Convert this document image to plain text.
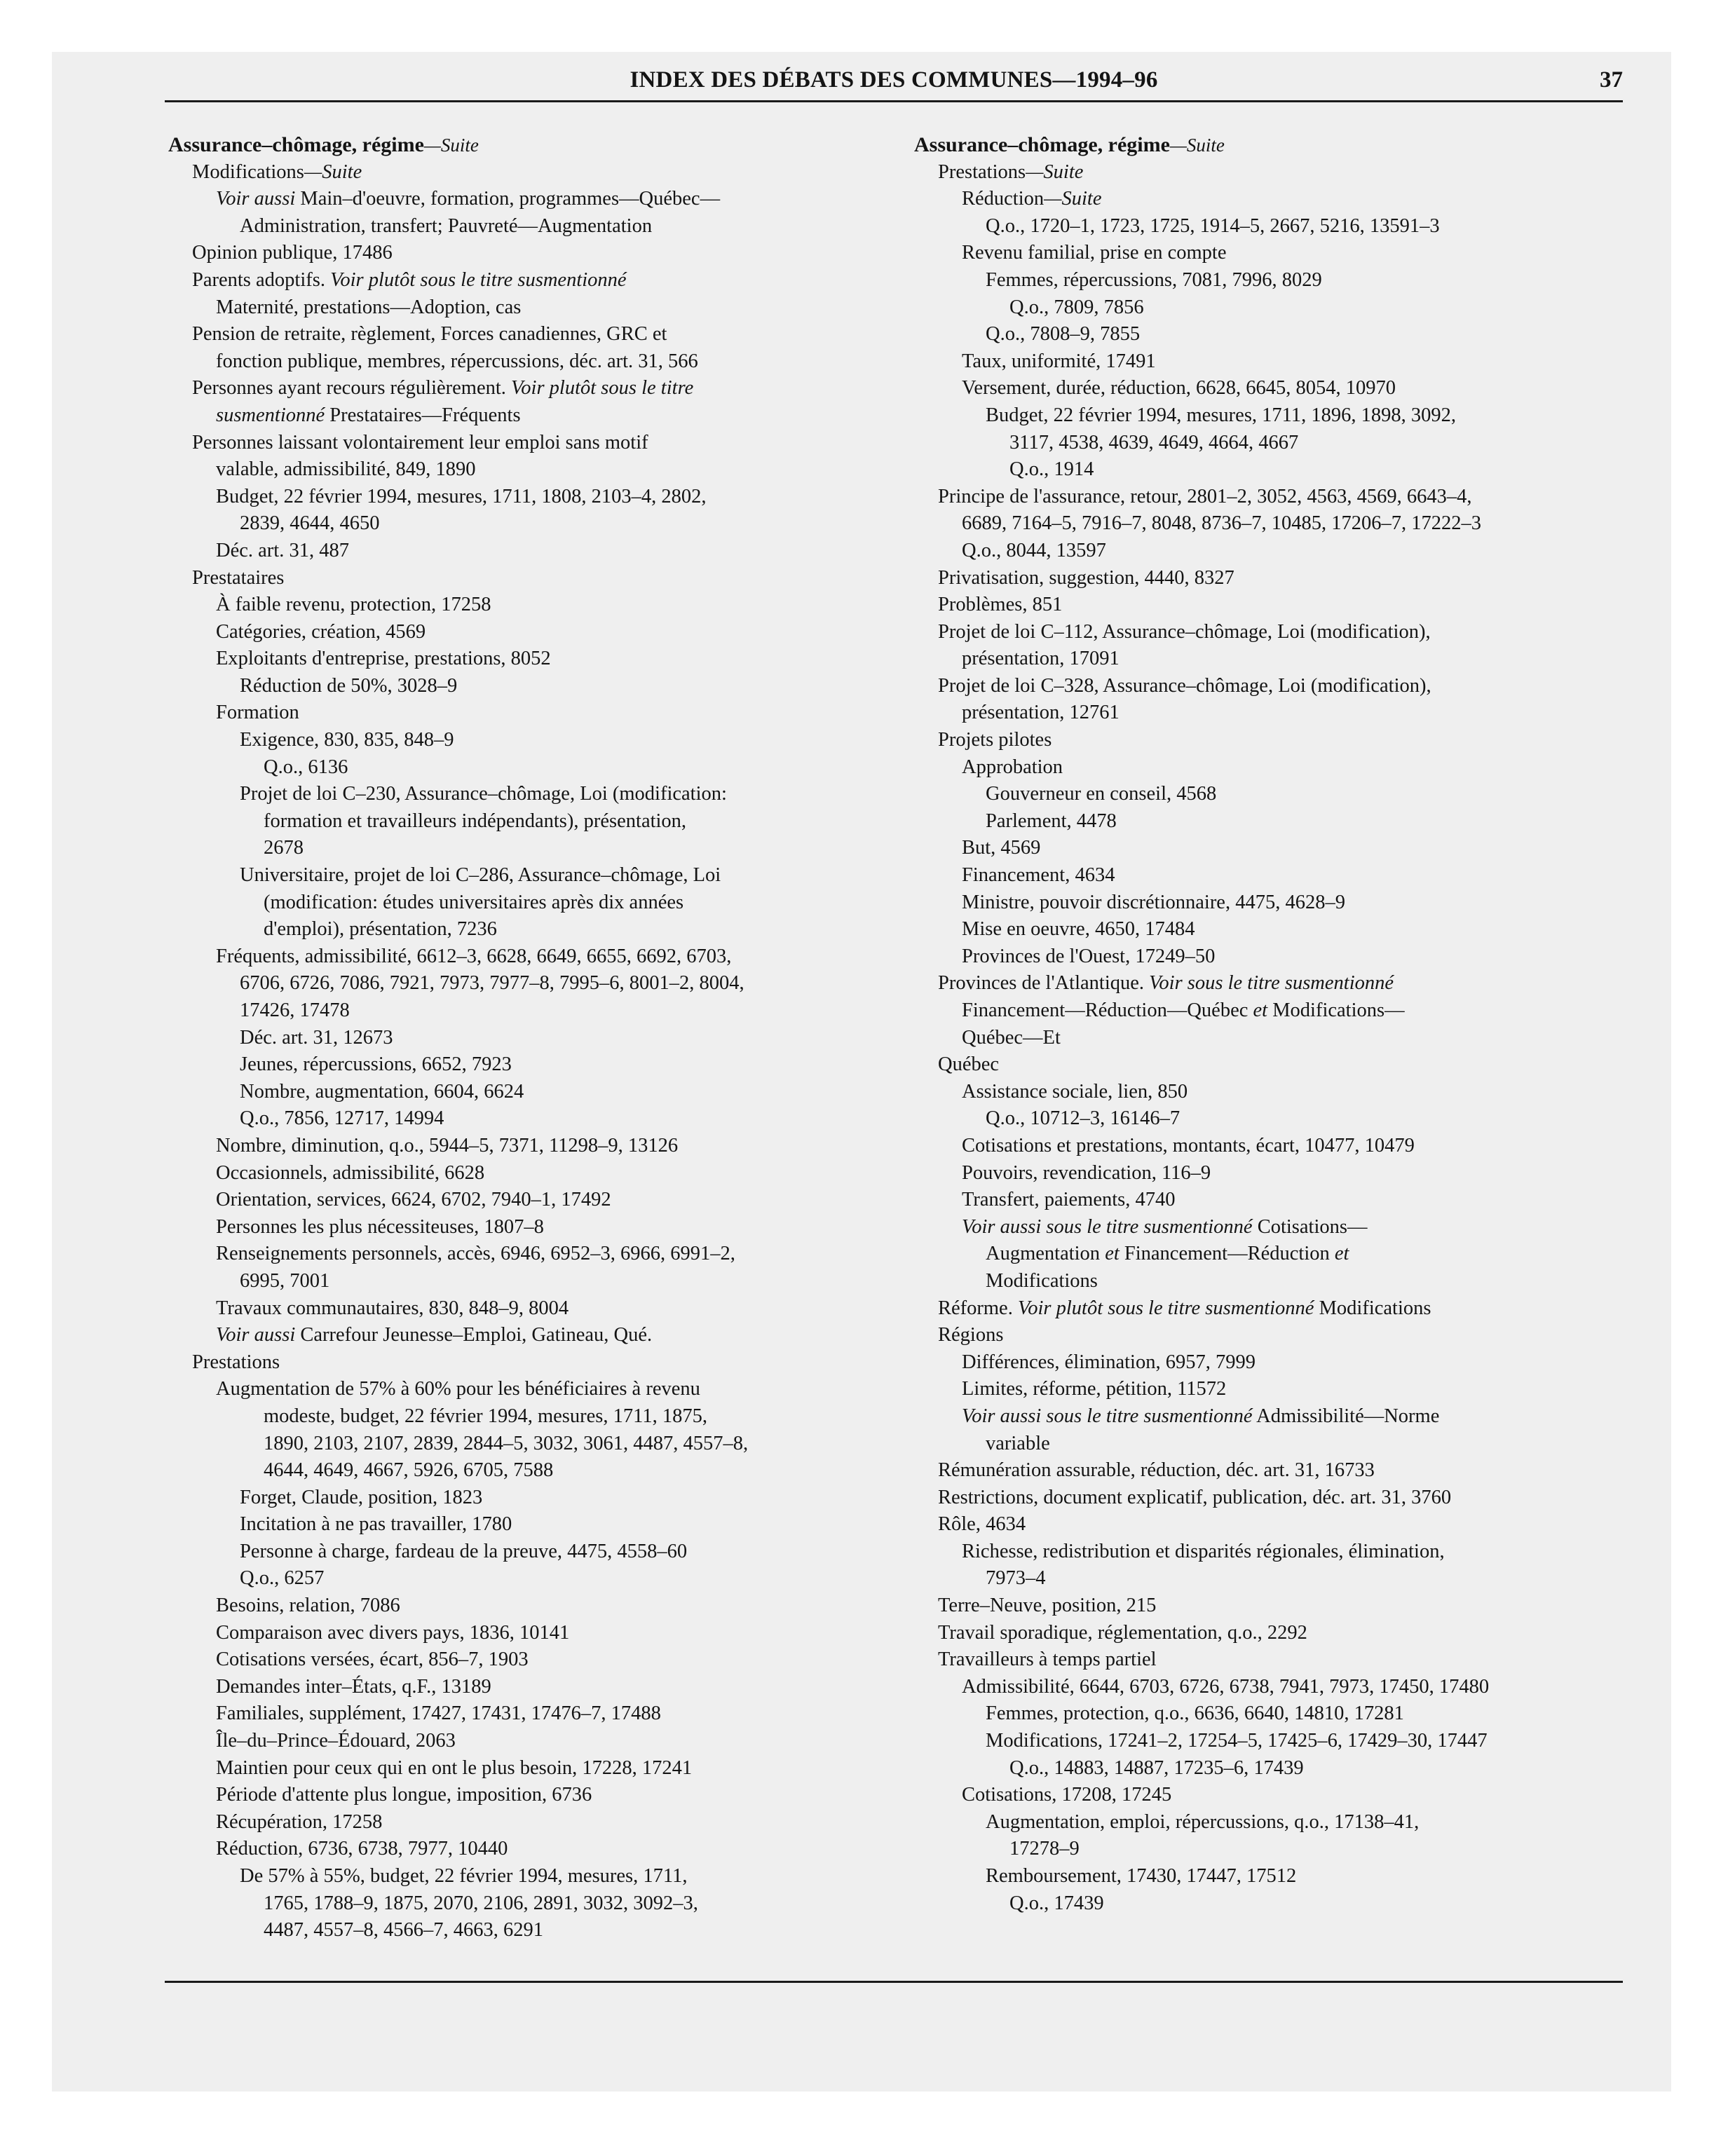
INDEX DES DÉBATS DES COMMUNES—1994–96	37
Assurance–chômage, régime—Suite
Modifications—Suite
Voir aussi Main–d'oeuvre, formation, programmes—Québec—
Administration, transfert; Pauvreté—Augmentation
Opinion publique, 17486
Parents adoptifs. Voir plutôt sous le titre susmentionné
Maternité, prestations—Adoption, cas
Pension de retraite, règlement, Forces canadiennes, GRC et
fonction publique, membres, répercussions, déc. art. 31, 566
Personnes ayant recours régulièrement. Voir plutôt sous le titre
susmentionné Prestataires—Fréquents
Personnes laissant volontairement leur emploi sans motif
valable, admissibilité, 849, 1890
Budget, 22 février 1994, mesures, 1711, 1808, 2103–4, 2802,
2839, 4644, 4650
Déc. art. 31, 487
Prestataires
À faible revenu, protection, 17258
Catégories, création, 4569
Exploitants d'entreprise, prestations, 8052
Réduction de 50%, 3028–9
Formation
Exigence, 830, 835, 848–9
Q.o., 6136
Projet de loi C–230, Assurance–chômage, Loi (modification:
formation et travailleurs indépendants), présentation,
2678
Universitaire, projet de loi C–286, Assurance–chômage, Loi
(modification: études universitaires après dix années
d'emploi), présentation, 7236
Fréquents, admissibilité, 6612–3, 6628, 6649, 6655, 6692, 6703,
6706, 6726, 7086, 7921, 7973, 7977–8, 7995–6, 8001–2, 8004,
17426, 17478
Déc. art. 31, 12673
Jeunes, répercussions, 6652, 7923
Nombre, augmentation, 6604, 6624
Q.o., 7856, 12717, 14994
Nombre, diminution, q.o., 5944–5, 7371, 11298–9, 13126
Occasionnels, admissibilité, 6628
Orientation, services, 6624, 6702, 7940–1, 17492
Personnes les plus nécessiteuses, 1807–8
Renseignements personnels, accès, 6946, 6952–3, 6966, 6991–2,
6995, 7001
Travaux communautaires, 830, 848–9, 8004
Voir aussi Carrefour Jeunesse–Emploi, Gatineau, Qué.
Prestations
Augmentation de 57% à 60% pour les bénéficiaires à revenu
modeste, budget, 22 février 1994, mesures, 1711, 1875,
1890, 2103, 2107, 2839, 2844–5, 3032, 3061, 4487, 4557–8,
4644, 4649, 4667, 5926, 6705, 7588
Forget, Claude, position, 1823
Incitation à ne pas travailler, 1780
Personne à charge, fardeau de la preuve, 4475, 4558–60
Q.o., 6257
Besoins, relation, 7086
Comparaison avec divers pays, 1836, 10141
Cotisations versées, écart, 856–7, 1903
Demandes inter–États, q.F., 13189
Familiales, supplément, 17427, 17431, 17476–7, 17488
Île–du–Prince–Édouard, 2063
Maintien pour ceux qui en ont le plus besoin, 17228, 17241
Période d'attente plus longue, imposition, 6736
Récupération, 17258
Réduction, 6736, 6738, 7977, 10440
De 57% à 55%, budget, 22 février 1994, mesures, 1711,
1765, 1788–9, 1875, 2070, 2106, 2891, 3032, 3092–3,
4487, 4557–8, 4566–7, 4663, 6291
Assurance–chômage, régime—Suite
Prestations—Suite
Réduction—Suite
Q.o., 1720–1, 1723, 1725, 1914–5, 2667, 5216, 13591–3
Revenu familial, prise en compte
Femmes, répercussions, 7081, 7996, 8029
Q.o., 7809, 7856
Q.o., 7808–9, 7855
Taux, uniformité, 17491
Versement, durée, réduction, 6628, 6645, 8054, 10970
Budget, 22 février 1994, mesures, 1711, 1896, 1898, 3092,
3117, 4538, 4639, 4649, 4664, 4667
Q.o., 1914
Principe de l'assurance, retour, 2801–2, 3052, 4563, 4569, 6643–4,
6689, 7164–5, 7916–7, 8048, 8736–7, 10485, 17206–7, 17222–3
Q.o., 8044, 13597
Privatisation, suggestion, 4440, 8327
Problèmes, 851
Projet de loi C–112, Assurance–chômage, Loi (modification),
présentation, 17091
Projet de loi C–328, Assurance–chômage, Loi (modification),
présentation, 12761
Projets pilotes
Approbation
Gouverneur en conseil, 4568
Parlement, 4478
But, 4569
Financement, 4634
Ministre, pouvoir discrétionnaire, 4475, 4628–9
Mise en oeuvre, 4650, 17484
Provinces de l'Ouest, 17249–50
Provinces de l'Atlantique. Voir sous le titre susmentionné
Financement—Réduction—Québec et Modifications—
Québec—Et
Québec
Assistance sociale, lien, 850
Q.o., 10712–3, 16146–7
Cotisations et prestations, montants, écart, 10477, 10479
Pouvoirs, revendication, 116–9
Transfert, paiements, 4740
Voir aussi sous le titre susmentionné Cotisations—
Augmentation et Financement—Réduction et
Modifications
Réforme. Voir plutôt sous le titre susmentionné Modifications
Régions
Différences, élimination, 6957, 7999
Limites, réforme, pétition, 11572
Voir aussi sous le titre susmentionné Admissibilité—Norme
variable
Rémunération assurable, réduction, déc. art. 31, 16733
Restrictions, document explicatif, publication, déc. art. 31, 3760
Rôle, 4634
Richesse, redistribution et disparités régionales, élimination,
7973–4
Terre–Neuve, position, 215
Travail sporadique, réglementation, q.o., 2292
Travailleurs à temps partiel
Admissibilité, 6644, 6703, 6726, 6738, 7941, 7973, 17450, 17480
Femmes, protection, q.o., 6636, 6640, 14810, 17281
Modifications, 17241–2, 17254–5, 17425–6, 17429–30, 17447
Q.o., 14883, 14887, 17235–6, 17439
Cotisations, 17208, 17245
Augmentation, emploi, répercussions, q.o., 17138–41,
17278–9
Remboursement, 17430, 17447, 17512
Q.o., 17439
